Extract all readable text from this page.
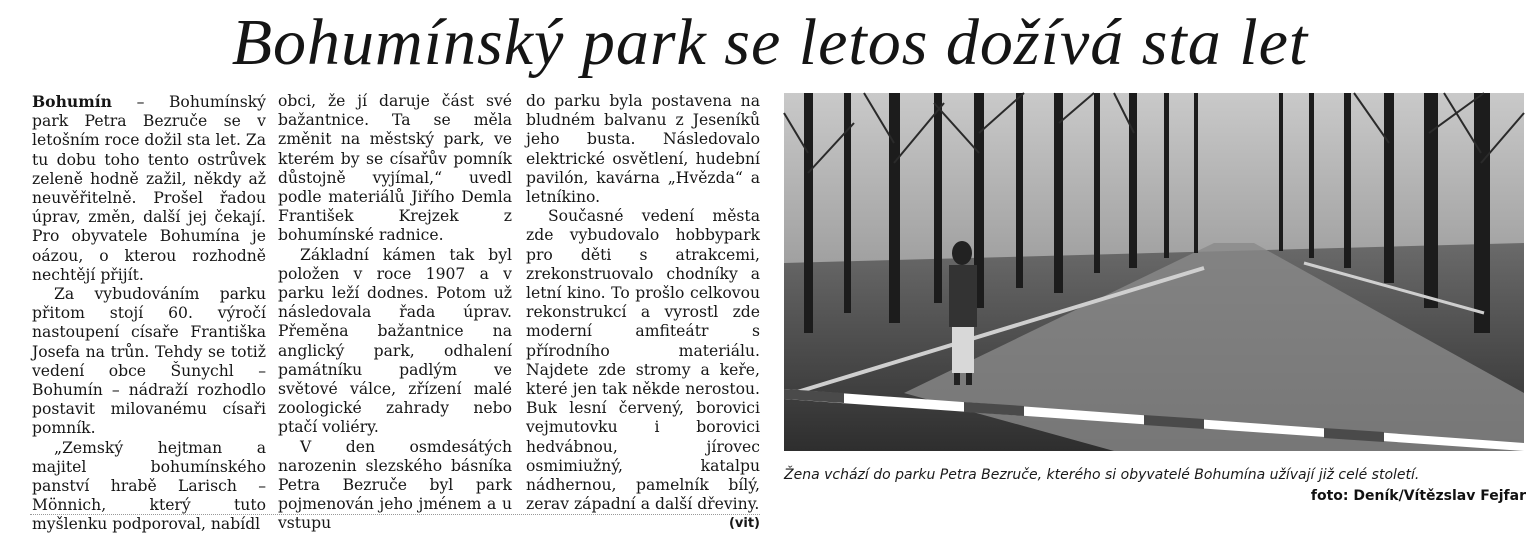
Bohumínský park se letos dožívá sta let

Bohumín – Bohumínský park Petra Bezruče se v letošním roce dožil sta let. Za tu dobu toho tento ostrůvek zeleně hodně zažil, někdy až neuvěřitelně. Prošel řadou úprav, změn, další jej čekají. Pro obyvatele Bohumína je oázou, o kterou rozhodně nechtějí přijít.

Za vybudováním parku přitom stojí 60. výročí nastoupení císaře Františka Josefa na trůn. Tehdy se totiž vedení obce Šunychl – Bohumín – nádraží rozhodlo postavit milovanému císaři pomník.

„Zemský hejtman a majitel bohumínského panství hrabě Larisch – Mönnich, který tuto myšlenku podporoval, nabídl

obci, že jí daruje část své bažantnice. Ta se měla změnit na městský park, ve kterém by se císařův pomník důstojně vyjímal,“ uvedl podle materiálů Jiřího Demla František Krejzek z bohumínské radnice.

Základní kámen tak byl položen v roce 1907 a v parku leží dodnes. Potom už následovala řada úprav. Přeměna bažantnice na anglický park, odhalení památníku padlým ve světové válce, zřízení malé zoologické zahrady nebo ptačí voliéry.

V den osmdesátých narozenin slezského básníka Petra Bezruče byl park pojmenován jeho jménem a u vstupu

do parku byla postavena na bludném balvanu z Jeseníků jeho busta. Následovalo elektrické osvětlení, hudební pavilón, kavárna „Hvězda“ a letníkino.

Současné vedení města zde vybudovalo hobbypark pro děti s atrakcemi, zrekonstruovalo chodníky a letní kino. To prošlo celkovou rekonstrukcí a vyrostl zde moderní amfiteátr s přírodního materiálu. Najdete zde stromy a keře, které jen tak někde nerostou. Buk lesní červený, borovici vejmutovku i borovici hedvábnou, jírovec osmimiužný, katalpu nádhernou, pamelník bílý, zerav západní a další dřeviny.
(vit)

Žena vchází do parku Petra Bezruče, kterého si obyvatelé Bohumína užívají již celé století.
foto: Deník/Vítězslav Fejfar
